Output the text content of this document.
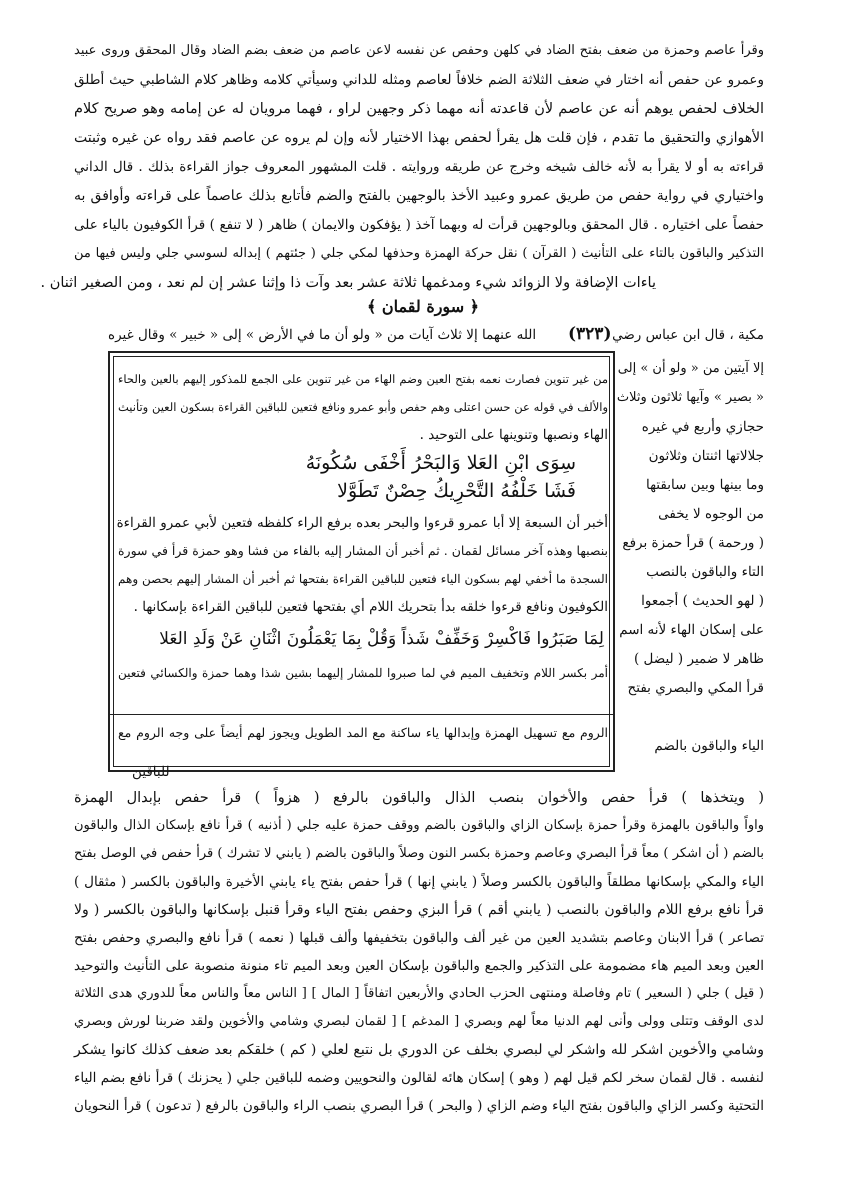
وقرأ عاصم وحمزة من ضعف بفتح الضاد في كلهن وحفص عن نفسه لاعن عاصم من ضعف بضم الضاد وقال المحقق وروى عبيد
وعمرو عن حفص أنه اختار في ضعف الثلاثة الضم خلافاً لعاصم ومثله للداني وسيأتي كلامه وظاهر كلام الشاطبي حيث أطلق
الخلاف لحفص يوهم أنه عن عاصم لأن قاعدته أنه مهما ذكر وجهين لراو ، فهما مرويان له عن إمامه وهو صريح كلام
الأهوازي والتحقيق ما تقدم ، فإن قلت هل يقرأ لحفص بهذا الاختيار لأنه وإن لم يروه عن عاصم فقد رواه عن غيره وثبتت
قراءته به أو لا يقرأ به لأنه خالف شيخه وخرج عن طريقه وروايته . قلت المشهور المعروف جواز القراءة بذلك . قال الداني
واختياري في رواية حفص من طريق عمرو وعبيد الأخذ بالوجهين بالفتح والضم فأتابع بذلك عاصماً على قراءته وأوافق به
حفصاً على اختياره . قال المحقق وبالوجهين قرأت له وبهما آخذ ( يؤفكون والايمان ) ظاهر ( لا تنفع ) قرأ الكوفيون بالياء على
التذكير والباقون بالتاء على التأنيث ( القرآن ) نقل حركة الهمزة وحذفها لمكي جلي ( جئتهم ) إبداله لسوسي جلي وليس فيها من
ياءات الإضافة ولا الزوائد شيء ومدغمها ثلاثة عشر بعد وآت ذا وإثنا عشر إن لم نعد ، ومن الصغير اثنان .
﴿ سورة لقمان ﴾
مكية ، قال ابن عباس رضي
(٣٢٣)
الله عنهما إلا ثلاث آيات من « ولو أن ما في الأرض » إلى « خبير » وقال غيره
من غير تنوين فصارت نعمه بفتح العين وضم الهاء من غير تنوين على الجمع للمذكور إليهم بالعين والحاء
والألف في قوله عن حسن اعتلى وهم حفص وأبو عمرو ونافع فتعين للباقين القراءة بسكون العين وتأنيث
الهاء ونصبها وتنوينها على التوحيد .
سِوَى ابْنِ العَلا وَالبَحْرُ أَخْفَى سُكُونَهُ
فَشَا خَلْفُهُ التَّحْرِيكُ حِصْنٌ تَطَوَّلا
أخبر أن السبعة إلا أبا عمرو قرءوا والبحر بعده برفع الراء كلفظه فتعين لأبي عمرو القراءة
بنصبها وهذه آخر مسائل لقمان . ثم أخبر أن المشار إليه بالفاء من فشا وهو حمزة قرأ في سورة
السجدة ما أخفي لهم بسكون الياء فتعين للباقين القراءة بفتحها ثم أخبر أن المشار إليهم بحصن وهم
الكوفيون ونافع قرءوا خلقه بدأ بتحريك اللام أي بفتحها فتعين للباقين القراءة بإسكانها .
لِمَا صَبَرُوا فَاكْسِرْ وَخَفِّفْ شَذاً وَقُلْ بِمَا يَعْمَلُونَ اثْنَانِ عَنْ وَلَدِ العَلا
أمر بكسر اللام وتخفيف الميم في لما صبروا للمشار إليهما بشين شذا وهما حمزة والكسائي فتعين
الروم مع تسهيل الهمزة وإبدالها ياء ساكنة مع المد الطويل ويجوز لهم أيضاً على وجه الروم مع
إلا آيتين من « ولو أن » إلى
« بصير » وآيها ثلاثون وثلاث
حجازي وأربع في غيره
جلالاتها اثنتان وثلاثون
وما بينها وبين سابقتها
من الوجوه لا يخفى
( ورحمة ) قرأ حمزة برفع
التاء والباقون بالنصب
( لهو الحديث ) أجمعوا
على إسكان الهاء لأنه اسم
ظاهر لا ضمير ( ليضل )
قرأ المكي والبصري بفتح
الياء والباقون بالضم
للباقين
( ويتخذها ) قرأ حفص والأخوان بنصب الذال والباقون بالرفع ( هزواً ) قرأ حفص بإبدال الهمزة
واواً والباقون بالهمزة وقرأ حمزة بإسكان الزاي والباقون بالضم ووقف حمزة عليه جلي ( أذنيه ) قرأ نافع بإسكان الذال والباقون
بالضم ( أن اشكر ) معاً قرأ البصري وعاصم وحمزة بكسر النون وصلاً والباقون بالضم ( يابني لا تشرك ) قرأ حفص في الوصل بفتح
الياء والمكي بإسكانها مطلقاً والباقون بالكسر وصلاً ( يابني إنها ) قرأ حفص بفتح ياء يابني الأخيرة والباقون بالكسر ( مثقال )
قرأ نافع برفع اللام والباقون بالنصب ( يابني أقم ) قرأ البزي وحفص بفتح الياء وقرأ قنبل بإسكانها والباقون بالكسر ( ولا
تصاعر ) قرأ الابنان وعاصم بتشديد العين من غير ألف والباقون بتخفيفها وألف قبلها ( نعمه ) قرأ نافع والبصري وحفص بفتح
العين وبعد الميم هاء مضمومة على التذكير والجمع والباقون بإسكان العين وبعد الميم تاء منونة منصوبة على التأنيث والتوحيد
( قيل ) جلي ( السعير ) تام وفاصلة ومنتهى الحزب الحادي والأربعين اتفاقاً [ المال ] [ الناس معاً والناس معاً للدوري هدى الثلاثة
لدى الوقف وتتلى وولى وأنى لهم الدنيا معاً لهم وبصري [ المدغم ] [ لقمان لبصري وشامي والأخوين ولقد ضربنا لورش وبصري
وشامي والأخوين اشكر لله واشكر لي لبصري بخلف عن الدوري بل نتبع لعلي ( كم ) خلقكم بعد ضعف كذلك كانوا يشكر
لنفسه . قال لقمان سخر لكم قيل لهم ( وهو ) إسكان هائه لقالون والنحويين وضمه للباقين جلي ( يحزنك ) قرأ نافع بضم الياء
التحتية وكسر الزاي والباقون بفتح الياء وضم الزاي ( والبحر ) قرأ البصري بنصب الراء والباقون بالرفع ( تدعون ) قرأ النحويان
